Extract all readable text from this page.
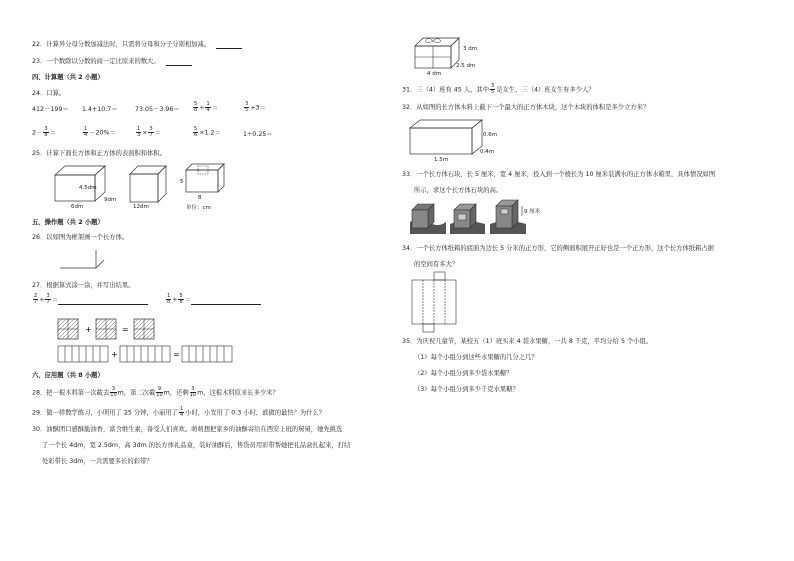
22．计算异分母分数加减法时，只需将分母和分子分别相加减。
23．一个数除以分数的商一定比原来的数大。
四、计算题（共 2 小题）
24．口算。
412－199＝ 1.4+10.7＝	73.05－3.96＝	$\frac{5}{8} + \frac{1}{4}$ ＝	$\frac{3}{5} +3=$
$2- \frac{3}{8}$ ＝	$\frac{1}{4} -20\%=$	$\frac{1}{3} \times \frac{3}{7}$ ＝	$\frac{5}{6} \times 1.2=$	1÷0.25＝
25．计算下面长方体和正方体的表面积和体积。
4.5dm
9dm
6dm	12dm
5
8
单位：cm
五、操作题（共 2 小题）
26．以如图为框架画一个长方体。
27．根据算式涂一涂，并写出结果。
$\frac{2}{7} + \frac{3}{7}$ ＝	$\frac{1}{8} + \frac{5}{8}$ ＝
+	=
+	=
六、应用题（共 8 小题）
28．把一根木料第一次截去 $\frac{3}{10}$ m，第二次截 $\frac{9}{10}$ m，还剩 $\frac{3}{10}$ m，这根木料原来长多少米？
29．做一样数学练习，小明用了 25 分钟，小丽用了 $\frac{1}{4}$ 小时，小安用了 0.3 小时，谁做的最快？为什么？
30．油酥团口感酥脆油香，富含维生素，备受人们喜欢。萌萌想把家乡的油酥寄给在西安上班的舅舅，她先挑选
了一个长 4dm，宽 2.5dm，高 3dm 的长方体礼品盒，装好油酥后，售货员用彩带帮她把礼品盒扎起来，打结
处彩带长 3dm，一共需要多长的彩带？
3 dm
2.5 dm
4 dm
31．三（4）班有 45 人，其中 $\frac{3}{5}$ 是女生，三（4）班女生有多少人？
32．从如图的长方体木料上截下一个最大的正方体木块，这个木块的体积是多少立方米？
0.6m
0.4m
1.5m
33．一个长方体石块，长 5 厘米，宽 4 厘米，投入到一个棱长为 10 厘米装满水的正方体水箱里，具体情况如图
所示，求这个长方体石块的高。
9 厘米
34．一个长方体纸箱的底面为边长 5 分米的正方形，它的侧面积展开正好也是一个正方形，这个长方体纸箱占据
的空间有多大？
35．为庆祝儿童节，某校五（1）班买来 4 袋水果糖，一共 8 千克，平均分给 5 个小组。
（1）每个小组分到这些水果糖的几分之几？
（2）每个小组分到多少袋水果糖？
（3）每个小组分到多少千克水果糖？
